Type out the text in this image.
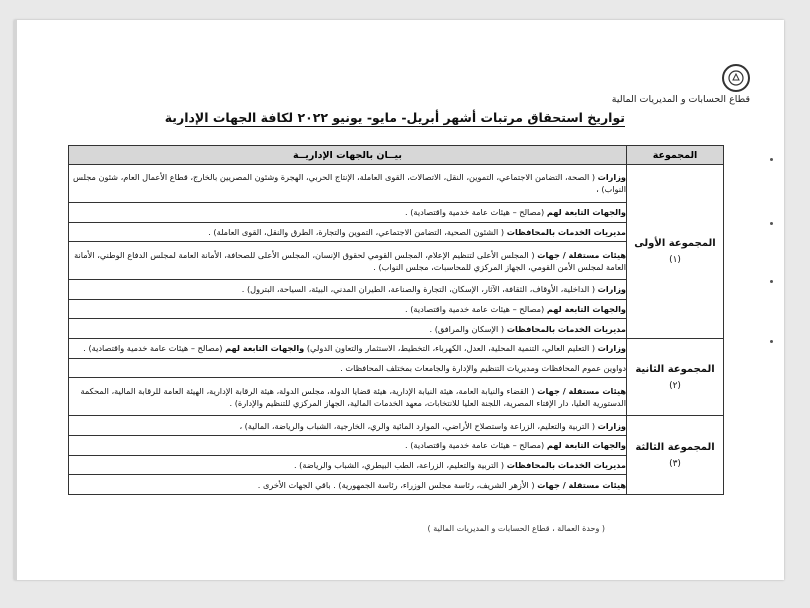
قطاع الحسابات و المديريات المالية
تواريخ استحقاق مرتبات أشهر أبريل- مايو- يونيو ٢٠٢٢ لكافة الجهات الإدارية
المجموعة	بيــان بالجهات الإداريــة
المجموعة الأولى
(١)	وزارات ( الصحة، التضامن الاجتماعي، التموين، النقل، الاتصالات، القوى العاملة، الإنتاج الحربي، الهجرة وشئون المصريين بالخارج، قطاع الأعمال العام، شئون مجلس النواب) ،
	والجهات التابعة لهم (مصالح – هيئات عامة خدمية واقتصادية) .
	مديريات الخدمات بالمحافظات ( الشئون الصحية، التضامن الاجتماعي، التموين والتجارة، الطرق والنقل، القوى العاملة) .
	هيئات مستقلة / جهات ( المجلس الأعلى لتنظيم الإعلام، المجلس القومي لحقوق الإنسان، المجلس الأعلى للصحافة، الأمانة العامة لمجلس الدفاع الوطني، الأمانة العامة لمجلس الأمن القومي، الجهاز المركزي للمحاسبات، مجلس النواب) .
	وزارات ( الداخلية، الأوقاف، الثقافة، الآثار، الإسكان، التجارة والصناعة، الطيران المدني، البيئة، السياحة، البترول) .
	والجهات التابعة لهم (مصالح – هيئات عامة خدمية واقتصادية) .
	مديريات الخدمات بالمحافظات ( الإسكان والمرافق) .
المجموعة الثانية
(٢)	وزارات ( التعليم العالي، التنمية المحلية، العدل، الكهرباء، التخطيط، الاستثمار والتعاون الدولي) والجهات التابعة لهم (مصالح – هيئات عامة خدمية واقتصادية) .
	دواوين عموم المحافظات ومديريات التنظيم والإدارة والجامعات بمختلف المحافظات .
	هيئات مستقلة / جهات ( القضاء والنيابة العامة، هيئة النيابة الإدارية، هيئة قضايا الدولة، مجلس الدولة، هيئة الرقابة الإدارية، الهيئة العامة للرقابة المالية، المحكمة الدستورية العليا، دار الإفتاء المصرية، اللجنة العليا للانتخابات، معهد الخدمات المالية، الجهاز المركزي للتنظيم والإدارة) .
المجموعة الثالثة
(٣)	وزارات ( التربية والتعليم، الزراعة واستصلاح الأراضي، الموارد المائية والري، الخارجية، الشباب والرياضة، المالية) ،
	والجهات التابعة لهم (مصالح – هيئات عامة خدمية واقتصادية) .
	مديريات الخدمات بالمحافظات ( التربية والتعليم، الزراعة، الطب البيطري، الشباب والرياضة) .
	هيئات مستقلة / جهات ( الأزهر الشريف، رئاسة مجلس الوزراء، رئاسة الجمهورية) . باقي الجهات الأخرى .
( وحدة العمالة ، قطاع الحسابات و المديريات المالية )
